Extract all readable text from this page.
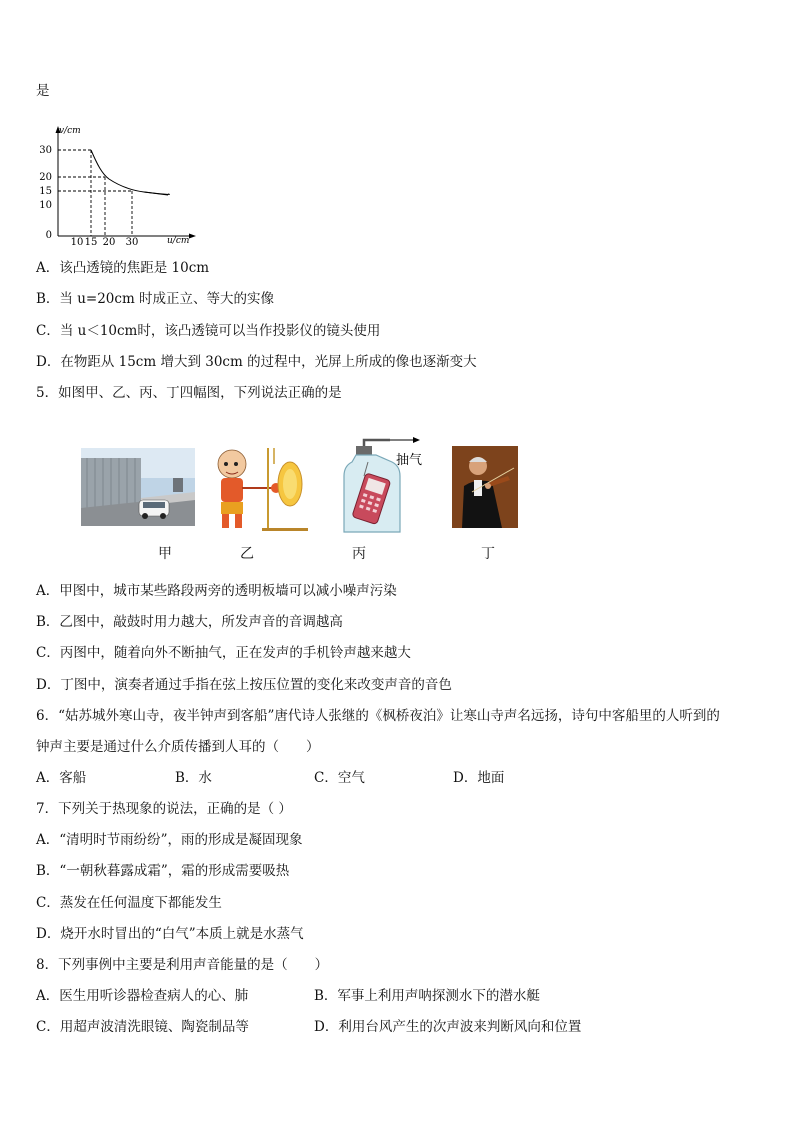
是
v/cm
u/cm
30
20
15
10
0
10 15 20 30
A．该凸透镜的焦距是 10cm
B．当 u=20cm 时成正立、等大的实像
C．当 u＜10cm时，该凸透镜可以当作投影仪的镜头使用
D．在物距从 15cm 增大到 30cm 的过程中，光屏上所成的像也逐渐变大
5．如图甲、乙、丙、丁四幅图，下列说法正确的是
甲	乙
抽气
丙	丁
A．甲图中，城市某些路段两旁的透明板墙可以减小噪声污染
B．乙图中，敲鼓时用力越大，所发声音的音调越高
C．丙图中，随着向外不断抽气，正在发声的手机铃声越来越大
D．丁图中，演奏者通过手指在弦上按压位置的变化来改变声音的音色
6．“姑苏城外寒山寺，夜半钟声到客船”唐代诗人张继的《枫桥夜泊》让寒山寺声名远扬，诗句中客船里的人听到的
钟声主要是通过什么介质传播到人耳的（　　）
A．客船	B．水	C．空气	D．地面
7．下列关于热现象的说法，正确的是（ ）
A．“清明时节雨纷纷”，雨的形成是凝固现象
B．“一朝秋暮露成霜”，霜的形成需要吸热
C．蒸发在任何温度下都能发生
D．烧开水时冒出的“白气”本质上就是水蒸气
8．下列事例中主要是利用声音能量的是（　　）
A．医生用听诊器检查病人的心、肺	B．军事上利用声呐探测水下的潜水艇
C．用超声波清洗眼镜、陶瓷制品等	D．利用台风产生的次声波来判断风向和位置
